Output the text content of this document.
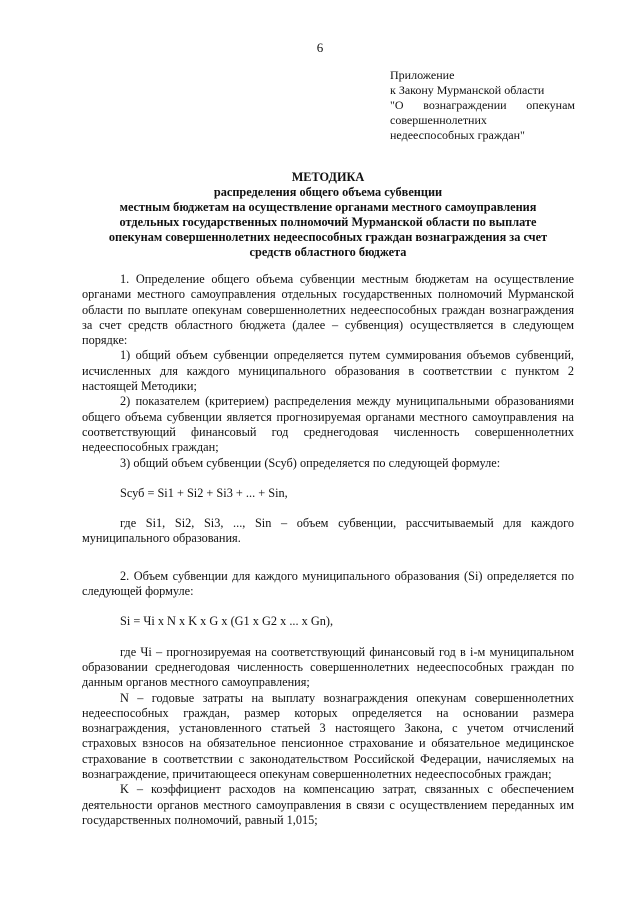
6
Приложение
к Закону Мурманской области
"О вознаграждении опекунам
совершеннолетних
недееспособных граждан"
МЕТОДИКА
распределения общего объема субвенции
местным бюджетам на осуществление органами местного самоуправления
отдельных государственных полномочий Мурманской области по выплате
опекунам совершеннолетних недееспособных граждан вознаграждения за счет
средств областного бюджета

1. Определение общего объема субвенции местным бюджетам на осуществление органами местного самоуправления отдельных государственных полномочий Мурманской области по выплате опекунам совершеннолетних недееспособных граждан вознаграждения за счет средств областного бюджета (далее – субвенция) осуществляется в следующем порядке:

1) общий объем субвенции определяется путем суммирования объемов субвенций, исчисленных для каждого муниципального образования в соответствии с пунктом 2 настоящей Методики;

2) показателем (критерием) распределения между муниципальными образованиями общего объема субвенции является прогнозируемая органами местного самоуправления на соответствующий финансовый год среднегодовая численность совершеннолетних недееспособных граждан;

3) общий объем субвенции (Sсуб) определяется по следующей формуле:

Sсуб = Si1 + Si2 + Si3 + ... + Sin,

где Si1, Si2, Si3, ..., Sin – объем субвенции, рассчитываемый для каждого муниципального образования.

2. Объем субвенции для каждого муниципального образования (Si) определяется по следующей формуле:

Si = Чi x N x K x G x (G1 x G2 x ... x Gn),

где Чi – прогнозируемая на соответствующий финансовый год в i-м муниципальном образовании среднегодовая численность совершеннолетних недееспособных граждан по данным органов местного самоуправления;

N – годовые затраты на выплату вознаграждения опекунам совершеннолетних недееспособных граждан, размер которых определяется на основании размера вознаграждения, установленного статьей 3 настоящего Закона, с учетом отчислений страховых взносов на обязательное пенсионное страхование и обязательное медицинское страхование в соответствии с законодательством Российской Федерации, начисляемых на вознаграждение, причитающееся опекунам совершеннолетних недееспособных граждан;

K – коэффициент расходов на компенсацию затрат, связанных с обеспечением деятельности органов местного самоуправления в связи с осуществлением переданных им государственных полномочий, равный 1,015;
